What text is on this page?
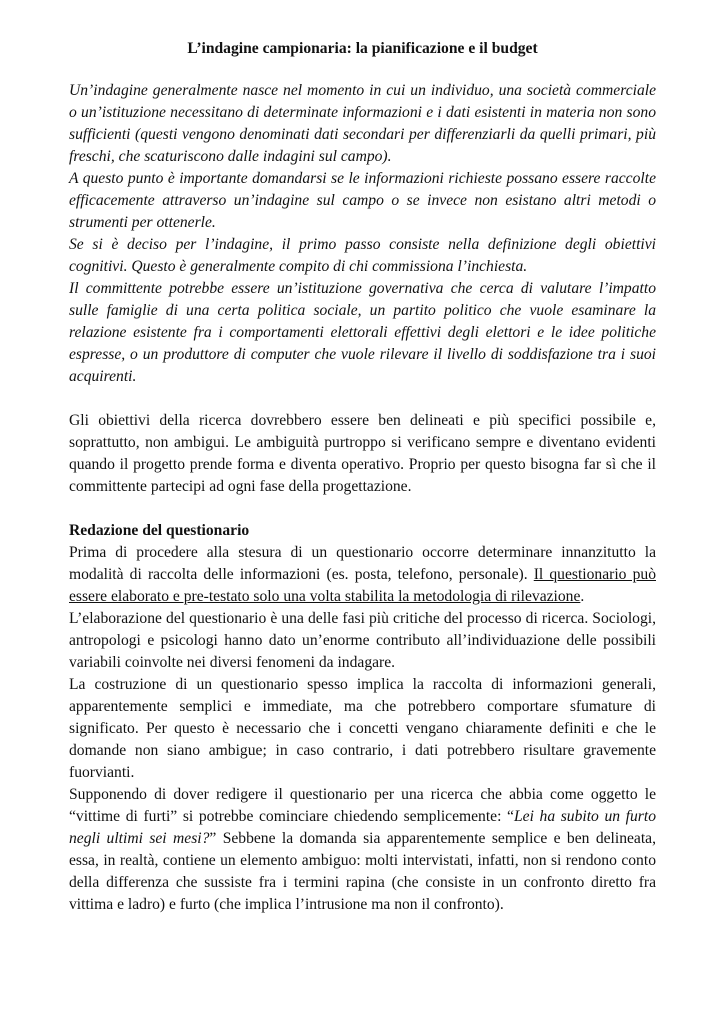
L’indagine campionaria: la pianificazione e il budget

Un’indagine generalmente nasce nel momento in cui un individuo, una società commerciale o un’istituzione necessitano di determinate informazioni e i dati esistenti in materia non sono sufficienti (questi vengono denominati dati secondari per differenziarli da quelli primari, più freschi, che scaturiscono dalle indagini sul campo).

A questo punto è importante domandarsi se le informazioni richieste possano essere raccolte efficacemente attraverso un’indagine sul campo o se invece non esistano altri metodi o strumenti per ottenerle.

Se si è deciso per l’indagine, il primo passo consiste nella definizione degli obiettivi cognitivi. Questo è generalmente compito di chi commissiona l’inchiesta.

Il committente potrebbe essere un’istituzione governativa che cerca di valutare l’impatto sulle famiglie di una certa politica sociale, un partito politico che vuole esaminare la relazione esistente fra i comportamenti elettorali effettivi degli elettori e le idee politiche espresse, o un produttore di computer che vuole rilevare il livello di soddisfazione tra i suoi acquirenti.

Gli obiettivi della ricerca dovrebbero essere ben delineati e più specifici possibile e, soprattutto, non ambigui. Le ambiguità purtroppo si verificano sempre e diventano evidenti quando il progetto prende forma e diventa operativo. Proprio per questo bisogna far sì che il committente partecipi ad ogni fase della progettazione.

Redazione del questionario

Prima di procedere alla stesura di un questionario occorre determinare innanzitutto la modalità di raccolta delle informazioni (es. posta, telefono, personale). Il questionario può essere elaborato e pre-testato solo una volta stabilita la metodologia di rilevazione.

L’elaborazione del questionario è una delle fasi più critiche del processo di ricerca. Sociologi, antropologi e psicologi hanno dato un’enorme contributo all’individuazione delle possibili variabili coinvolte nei diversi fenomeni da indagare.

La costruzione di un questionario spesso implica la raccolta di informazioni generali, apparentemente semplici e immediate, ma che potrebbero comportare sfumature di significato. Per questo è necessario che i concetti vengano chiaramente definiti e che le domande non siano ambigue; in caso contrario, i dati potrebbero risultare gravemente fuorvianti.

Supponendo di dover redigere il questionario per una ricerca che abbia come oggetto le “vittime di furti” si potrebbe cominciare chiedendo semplicemente: “Lei ha subito un furto negli ultimi sei mesi?” Sebbene la domanda sia apparentemente semplice e ben delineata, essa, in realtà, contiene un elemento ambiguo: molti intervistati, infatti, non si rendono conto della differenza che sussiste fra i termini rapina (che consiste in un confronto diretto fra vittima e ladro) e furto (che implica l’intrusione ma non il confronto).
